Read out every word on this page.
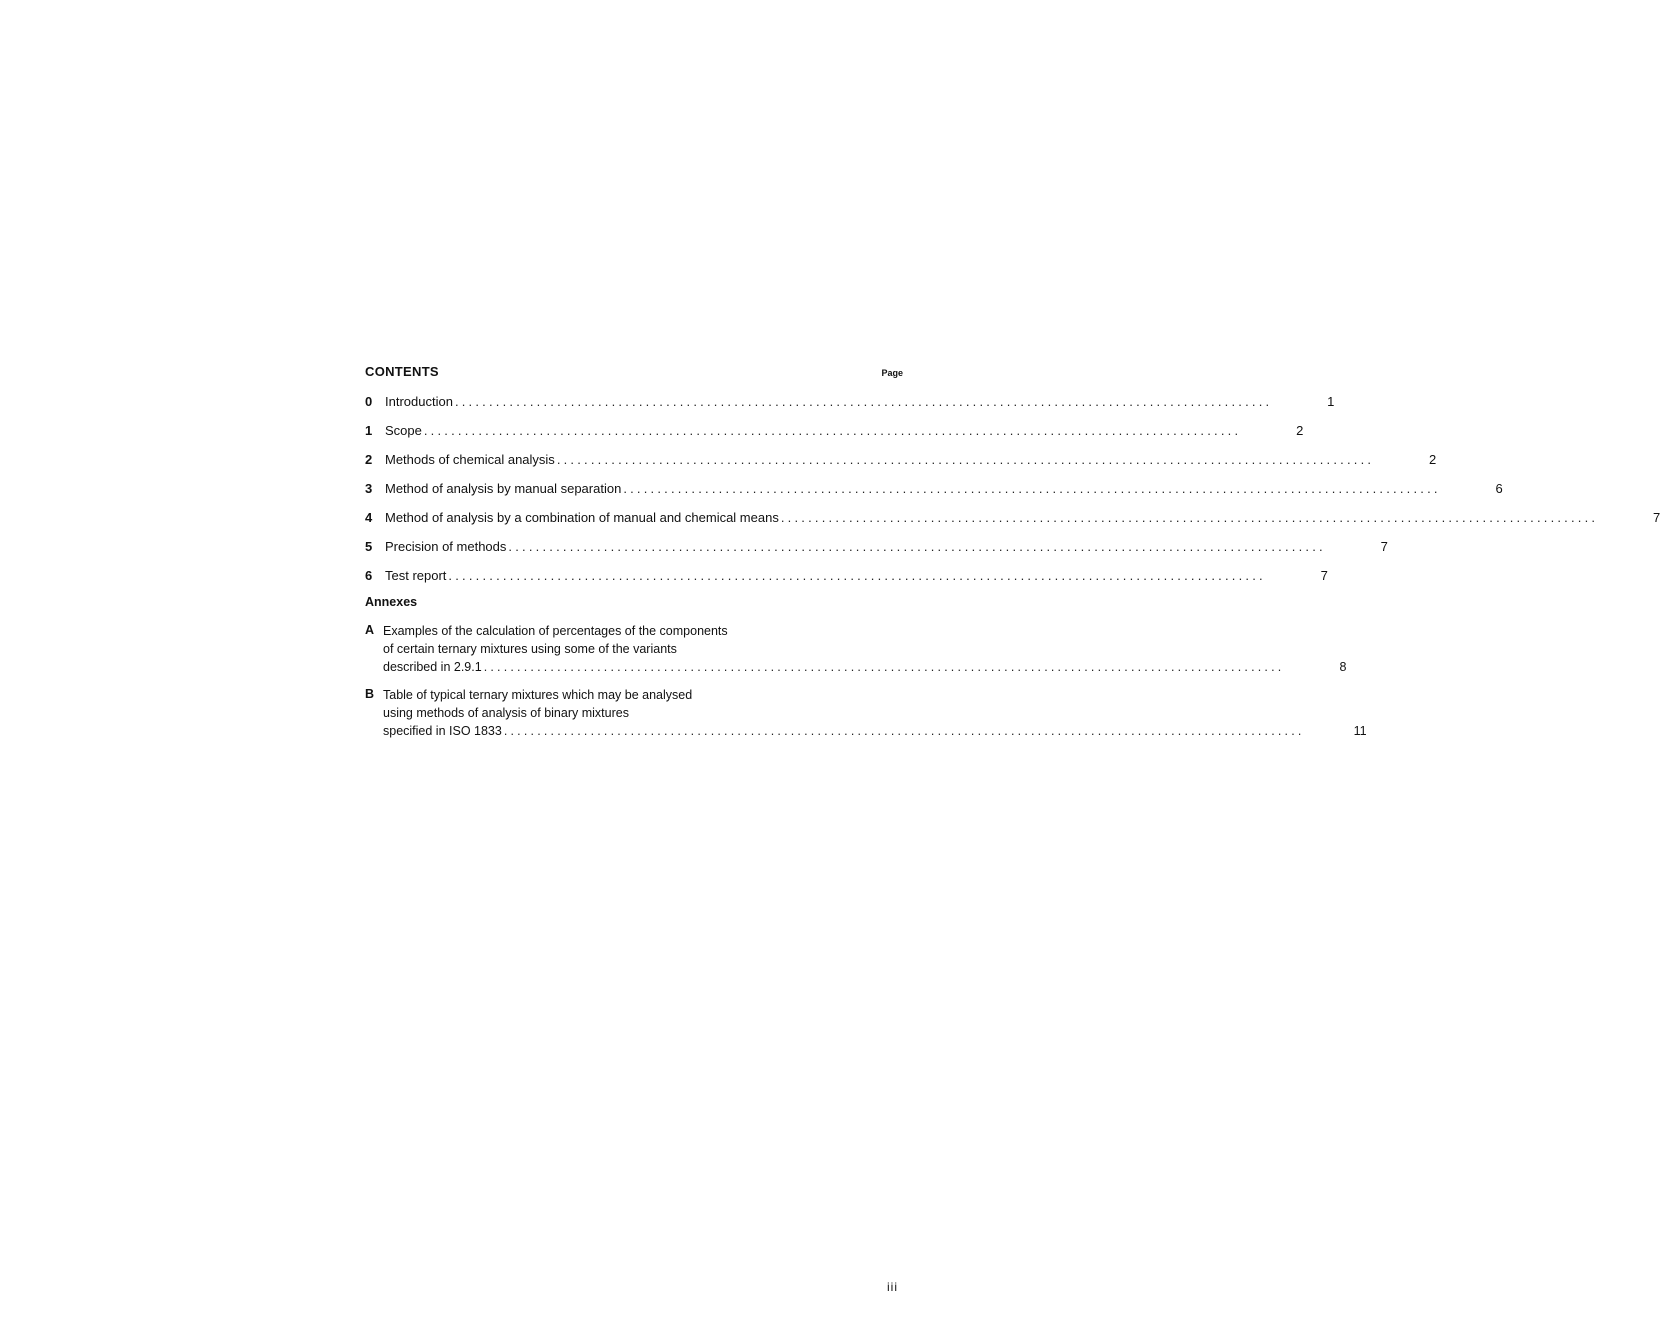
CONTENTS	Page
0 Introduction ........................................................................................................................	1
1 Scope ........................................................................................................................	2
2 Methods of chemical analysis ........................................................................................................................	2
3 Method of analysis by manual separation ........................................................................................................................	6
4 Method of analysis by a combination of manual and chemical means ........................................................................................................................	7
5 Precision of methods ........................................................................................................................	7
6 Test report ........................................................................................................................	7
Annexes
A Examples of the calculation of percentages of the components
of certain ternary mixtures using some of the variants
described in 2.9.1 ........................................................................................................................	8
B Table of typical ternary mixtures which may be analysed
using methods of analysis of binary mixtures
specified in ISO 1833 ........................................................................................................................	11
iii
